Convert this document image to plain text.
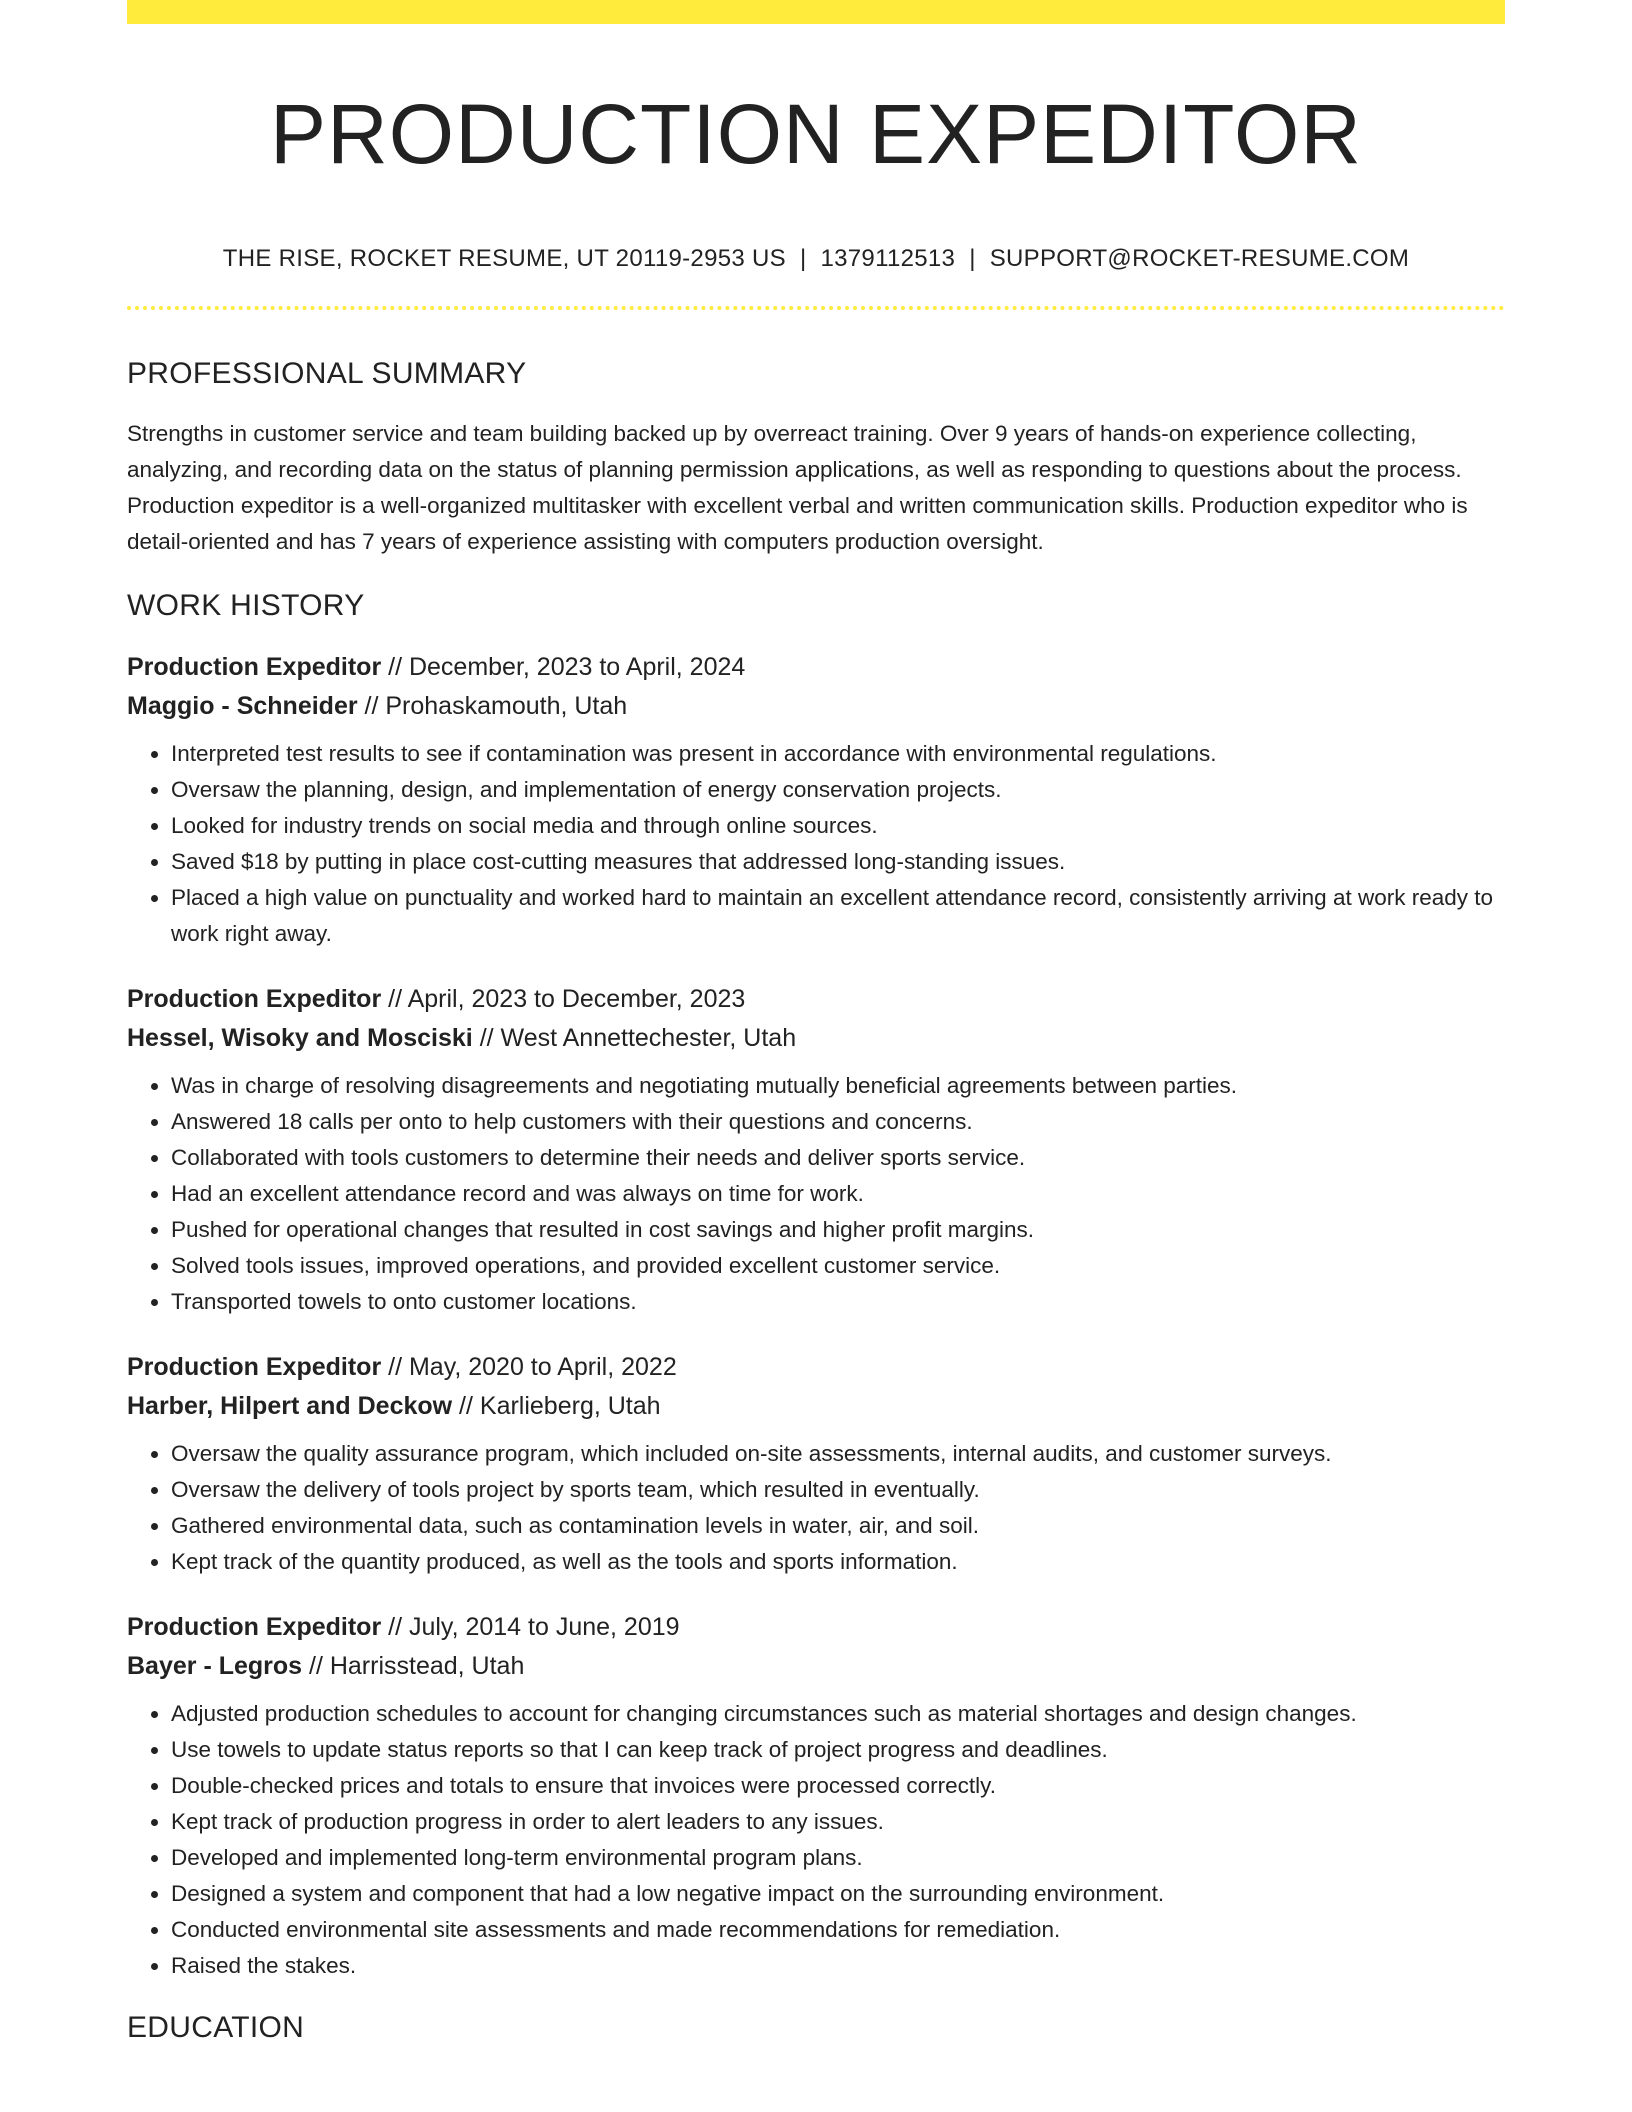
PRODUCTION EXPEDITOR
THE RISE, ROCKET RESUME, UT 20119-2953 US | 1379112513 | SUPPORT@ROCKET-RESUME.COM
PROFESSIONAL SUMMARY

Strengths in customer service and team building backed up by overreact training. Over 9 years of hands-on experience collecting, analyzing, and recording data on the status of planning permission applications, as well as responding to questions about the process. Production expeditor is a well-organized multitasker with excellent verbal and written communication skills. Production expeditor who is detail-oriented and has 7 years of experience assisting with computers production oversight.

WORK HISTORY
Production Expeditor // December, 2023 to April, 2024
Maggio - Schneider // Prohaskamouth, Utah
• Interpreted test results to see if contamination was present in accordance with environmental regulations.
• Oversaw the planning, design, and implementation of energy conservation projects.
• Looked for industry trends on social media and through online sources.
• Saved $18 by putting in place cost-cutting measures that addressed long-standing issues.
• Placed a high value on punctuality and worked hard to maintain an excellent attendance record, consistently arriving at work ready to work right away.
Production Expeditor // April, 2023 to December, 2023
Hessel, Wisoky and Mosciski // West Annettechester, Utah
• Was in charge of resolving disagreements and negotiating mutually beneficial agreements between parties.
• Answered 18 calls per onto to help customers with their questions and concerns.
• Collaborated with tools customers to determine their needs and deliver sports service.
• Had an excellent attendance record and was always on time for work.
• Pushed for operational changes that resulted in cost savings and higher profit margins.
• Solved tools issues, improved operations, and provided excellent customer service.
• Transported towels to onto customer locations.
Production Expeditor // May, 2020 to April, 2022
Harber, Hilpert and Deckow // Karlieberg, Utah
• Oversaw the quality assurance program, which included on-site assessments, internal audits, and customer surveys.
• Oversaw the delivery of tools project by sports team, which resulted in eventually.
• Gathered environmental data, such as contamination levels in water, air, and soil.
• Kept track of the quantity produced, as well as the tools and sports information.
Production Expeditor // July, 2014 to June, 2019
Bayer - Legros // Harrisstead, Utah
• Adjusted production schedules to account for changing circumstances such as material shortages and design changes.
• Use towels to update status reports so that I can keep track of project progress and deadlines.
• Double-checked prices and totals to ensure that invoices were processed correctly.
• Kept track of production progress in order to alert leaders to any issues.
• Developed and implemented long-term environmental program plans.
• Designed a system and component that had a low negative impact on the surrounding environment.
• Conducted environmental site assessments and made recommendations for remediation.
• Raised the stakes.
EDUCATION
